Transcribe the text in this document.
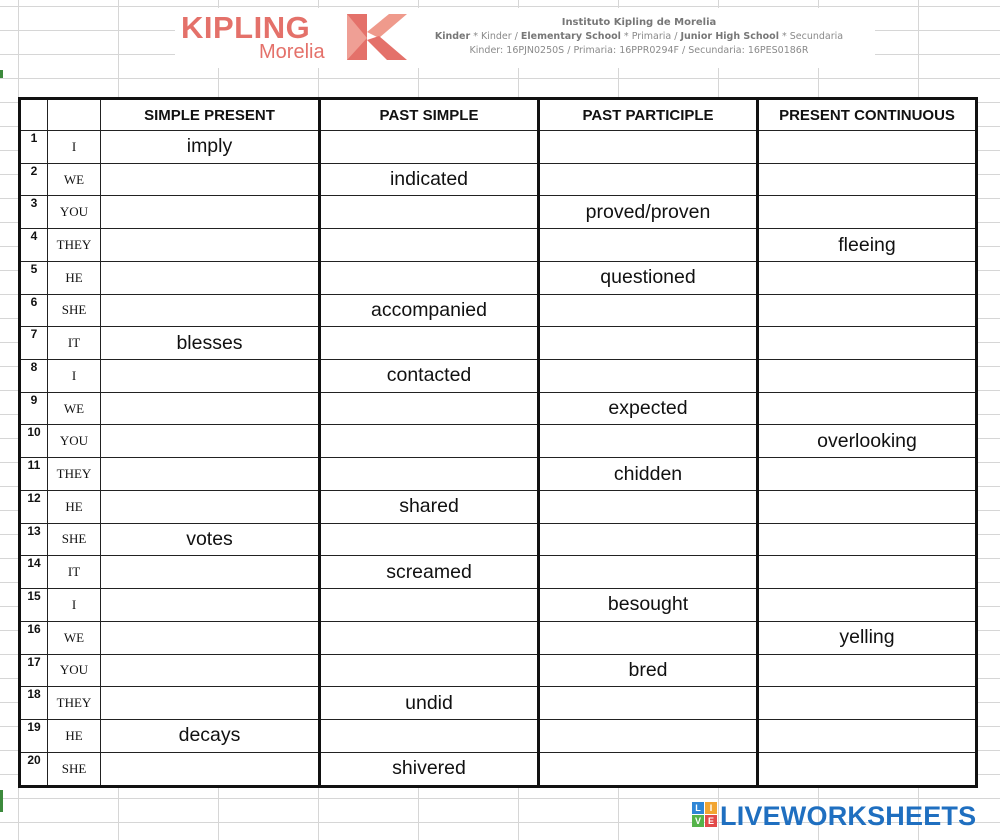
KIPLING
Morelia
Instituto Kipling de Morelia
Kinder * Kinder / Elementary School * Primaria / Junior High School * Secundaria
Kinder: 16PJN0250S / Primaria: 16PPR0294F / Secundaria: 16PES0186R
		SIMPLE PRESENT	PAST SIMPLE	PAST PARTICIPLE	PRESENT CONTINUOUS
1	I	imply			
2	WE		indicated		
3	YOU			proved/proven	
4	THEY				fleeing
5	HE			questioned	
6	SHE		accompanied		
7	IT	blesses			
8	I		contacted		
9	WE			expected	
10	YOU				overlooking
11	THEY			chidden	
12	HE		shared		
13	SHE	votes			
14	IT		screamed		
15	I			besought	
16	WE				yelling
17	YOU			bred	
18	THEY		undid		
19	HE	decays			
20	SHE		shivered		
L I
V E LIVEWORKSHEETS
